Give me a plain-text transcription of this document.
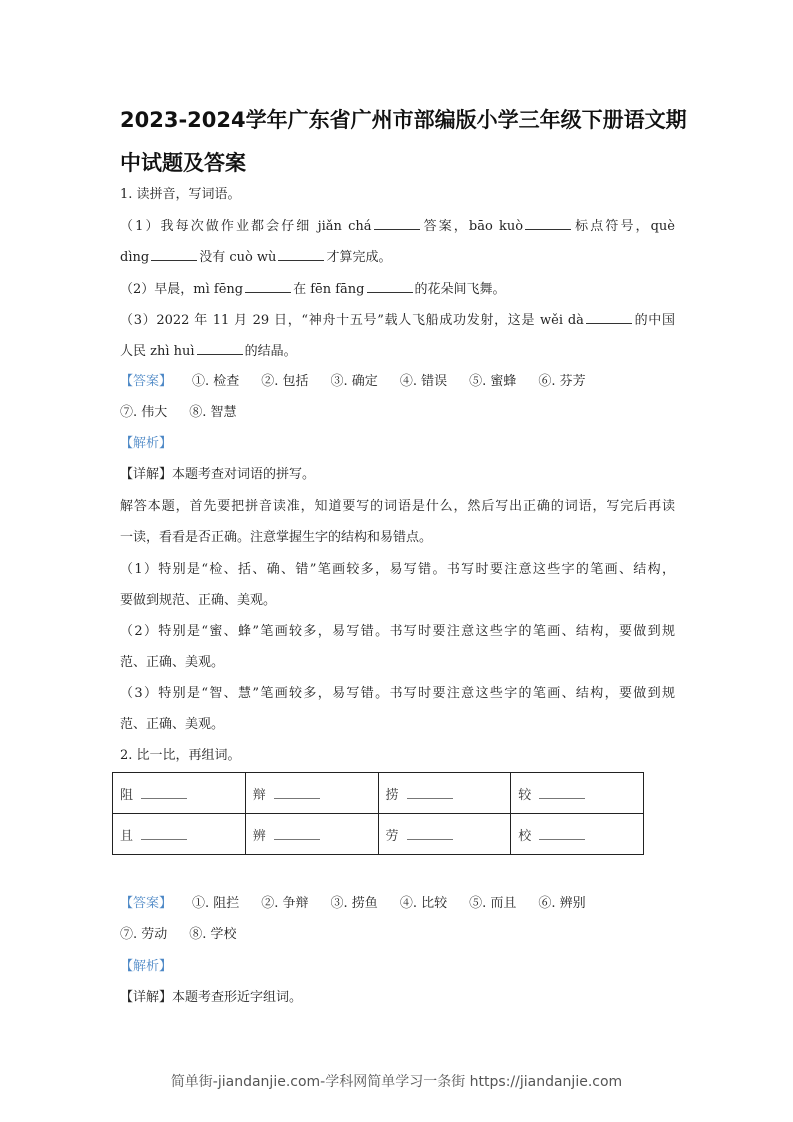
2023-2024学年广东省广州市部编版小学三年级下册语文期
中试题及答案
1. 读拼音，写词语。
（1）我每次做作业都会仔细 jiǎn chá	答案，bāo kuò	标点符号，què
dìng	没有 cuò wù	才算完成。
（2）早晨，mì fēng	在 fēn fāng	的花朵间飞舞。
（3）2022 年 11 月 29 日，“神舟十五号”载人飞船成功发射，这是 wěi dà	的中国
人民 zhì huì	的结晶。
【答案】 ①. 检查 ②. 包括 ③. 确定 ④. 错误 ⑤. 蜜蜂 ⑥. 芬芳
⑦. 伟大 ⑧. 智慧
【解析】
【详解】本题考查对词语的拼写。
解答本题，首先要把拼音读准，知道要写的词语是什么，然后写出正确的词语，写完后再读
一读，看看是否正确。注意掌握生字的结构和易错点。
（1）特别是“检、括、确、错”笔画较多，易写错。书写时要注意这些字的笔画、结构，
要做到规范、正确、美观。
（2）特别是“蜜、蜂”笔画较多，易写错。书写时要注意这些字的笔画、结构，要做到规
范、正确、美观。
（3）特别是“智、慧”笔画较多，易写错。书写时要注意这些字的笔画、结构，要做到规
范、正确、美观。
2. 比一比，再组词。
阻	辩	捞	较
且	辨	劳	校
【答案】 ①. 阻拦 ②. 争辩 ③. 捞鱼 ④. 比较 ⑤. 而且 ⑥. 辨别
⑦. 劳动 ⑧. 学校
【解析】
【详解】本题考查形近字组词。
简单街-jiandanjie.com-学科网简单学习一条街 https://jiandanjie.com
